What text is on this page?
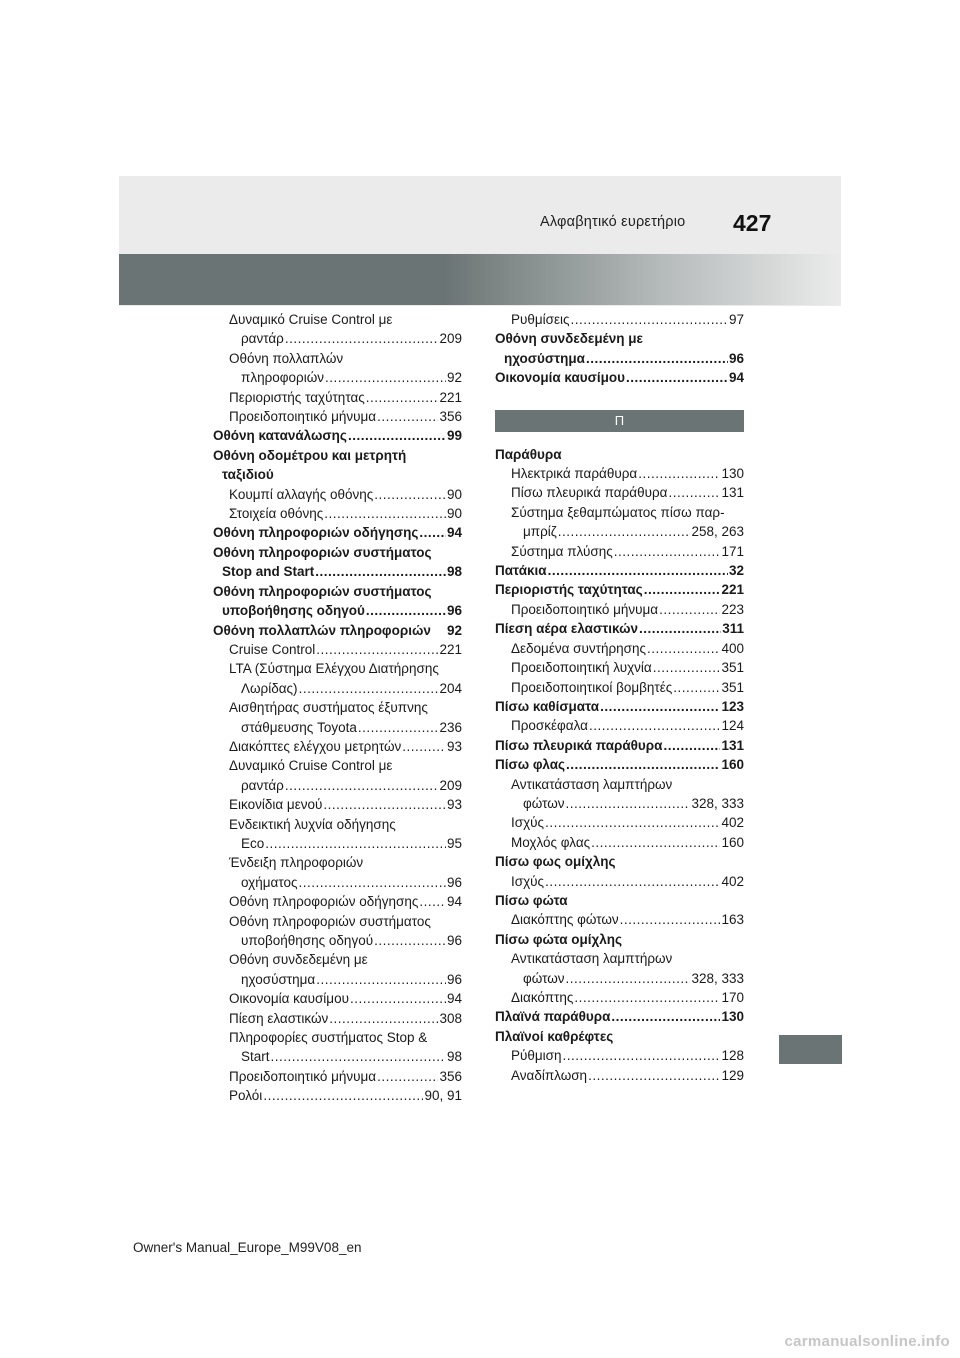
Αλφαβητικό ευρετήριο 427
Δυναμικό Cruise Control με
ραντάρ .....	209
Οθόνη πολλαπλών
πληροφοριών .....	92
Περιοριστής ταχύτητας .....	221
Προειδοποιητικό μήνυμα .....	356
Οθόνη κατανάλωσης .....	99
Οθόνη οδομέτρου και μετρητή
ταξιδιού
Κουμπί αλλαγής οθόνης .....	90
Στοιχεία οθόνης .....	90
Οθόνη πληροφοριών οδήγησης ..... 94
Οθόνη πληροφοριών συστήματος
Stop and Start .....	98
Οθόνη πληροφοριών συστήματος
υποβοήθησης οδηγού .....	96
Οθόνη πολλαπλών πληροφοριών 92
Cruise Control .....	221
LTA (Σύστημα Ελέγχου Διατήρησης
Λωρίδας) .....	204
Αισθητήρας συστήματος έξυπνης
στάθμευσης Toyota .....	236
Διακόπτες ελέγχου μετρητών .....	93
Δυναμικό Cruise Control με
ραντάρ .....	209
Εικονίδια μενού .....	93
Ενδεικτική λυχνία οδήγησης
Eco .....	95
Ένδειξη πληροφοριών
οχήματος .....	96
Οθόνη πληροφοριών οδήγησης ..... 94
Οθόνη πληροφοριών συστήματος
υποβοήθησης οδηγού .....	96
Οθόνη συνδεδεμένη με
ηχοσύστημα .....	96
Οικονομία καυσίμου .....	94
Πίεση ελαστικών .....	308
Πληροφορίες συστήματος Stop &
Start .....	98
Προειδοποιητικό μήνυμα .....	356
Ρολόι .....	90, 91
Ρυθμίσεις .....	97
Οθόνη συνδεδεμένη με
ηχοσύστημα .....	96
Οικονομία καυσίμου .....	94
Π
Παράθυρα
Ηλεκτρικά παράθυρα .....	130
Πίσω πλευρικά παράθυρα .....	131
Σύστημα ξεθαμπώματος πίσω παρ-
μπρίζ .....	258, 263
Σύστημα πλύσης .....	171
Πατάκια .....	32
Περιοριστής ταχύτητας .....	221
Προειδοποιητικό μήνυμα .....	223
Πίεση αέρα ελαστικών .....	311
Δεδομένα συντήρησης .....	400
Προειδοποιητική λυχνία .....	351
Προειδοποιητικοί βομβητές .....	351
Πίσω καθίσματα .....	123
Προσκέφαλα .....	124
Πίσω πλευρικά παράθυρα .....	131
Πίσω φλας .....	160
Αντικατάσταση λαμπτήρων
φώτων .....	328, 333
Ισχύς .....	402
Μοχλός φλας .....	160
Πίσω φως ομίχλης
Ισχύς .....	402
Πίσω φώτα
Διακόπτης φώτων .....	163
Πίσω φώτα ομίχλης
Αντικατάσταση λαμπτήρων
φώτων .....	328, 333
Διακόπτης .....	170
Πλαϊνά παράθυρα .....	130
Πλαϊνοί καθρέφτες
Ρύθμιση .....	128
Αναδίπλωση .....	129
Owner's Manual_Europe_M99V08_en
carmanualsonline.info
